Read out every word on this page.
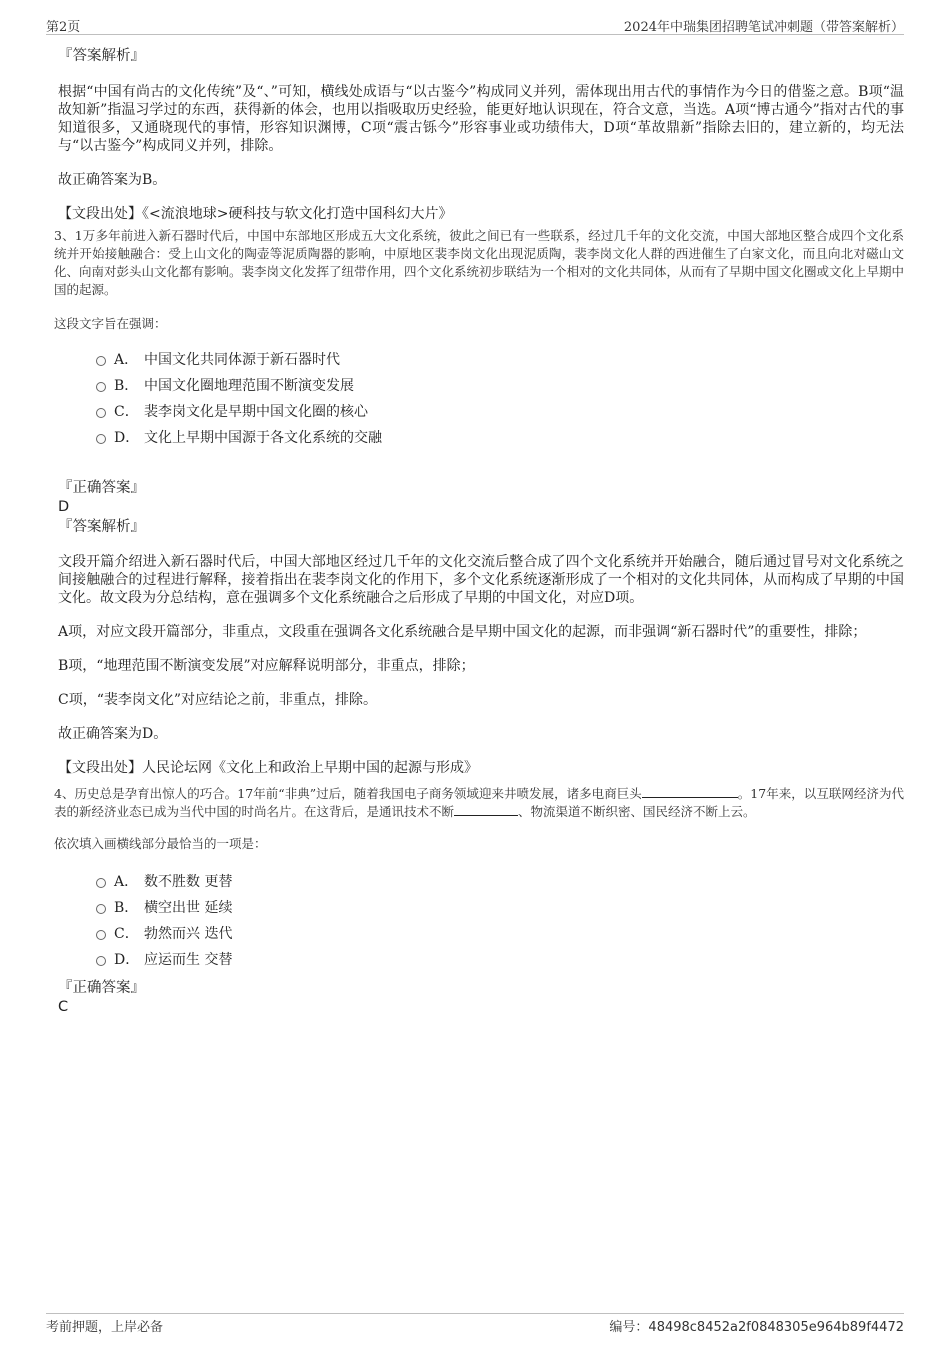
第2页	2024年中瑞集团招聘笔试冲刺题（带答案解析）
『答案解析』
根据“中国有尚古的文化传统”及“、”可知，横线处成语与“以古鉴今”构成同义并列，需体现出用古代的事情作为今日的借鉴之意。B项“温故知新”指温习学过的东西，获得新的体会，也用以指吸取历史经验，能更好地认识现在，符合文意，当选。A项“博古通今”指对古代的事知道很多，又通晓现代的事情，形容知识渊博，C项“震古铄今”形容事业或功绩伟大，D项“革故鼎新”指除去旧的，建立新的，均无法与“以古鉴今”构成同义并列，排除。
故正确答案为B。
【文段出处】《<流浪地球>硬科技与软文化打造中国科幻大片》
3、1万多年前进入新石器时代后，中国中东部地区形成五大文化系统，彼此之间已有一些联系，经过几千年的文化交流，中国大部地区整合成四个文化系统并开始接触融合：受上山文化的陶壶等泥质陶器的影响，中原地区裴李岗文化出现泥质陶，裴李岗文化人群的西进催生了白家文化，而且向北对磁山文化、向南对彭头山文化都有影响。裴李岗文化发挥了纽带作用，四个文化系统初步联结为一个相对的文化共同体，从而有了早期中国文化圈或文化上早期中国的起源。
这段文字旨在强调：
A． 中国文化共同体源于新石器时代
B． 中国文化圈地理范围不断演变发展
C． 裴李岗文化是早期中国文化圈的核心
D． 文化上早期中国源于各文化系统的交融
『正确答案』
D
『答案解析』
文段开篇介绍进入新石器时代后，中国大部地区经过几千年的文化交流后整合成了四个文化系统并开始融合，随后通过冒号对文化系统之间接触融合的过程进行解释，接着指出在裴李岗文化的作用下，多个文化系统逐渐形成了一个相对的文化共同体，从而构成了早期的中国文化。故文段为分总结构，意在强调多个文化系统融合之后形成了早期的中国文化，对应D项。
A项，对应文段开篇部分，非重点，文段重在强调各文化系统融合是早期中国文化的起源，而非强调“新石器时代”的重要性，排除；
B项，“地理范围不断演变发展”对应解释说明部分，非重点，排除；
C项，“裴李岗文化”对应结论之前，非重点，排除。
故正确答案为D。
【文段出处】人民论坛网《文化上和政治上早期中国的起源与形成》
4、历史总是孕育出惊人的巧合。17年前“非典”过后，随着我国电子商务领域迎来井喷发展，诸多电商巨头	。17年来，以互联网经济为代表的新经济业态已成为当代中国的时尚名片。在这背后，是通讯技术不断	、物流渠道不断织密、国民经济不断上云。
依次填入画横线部分最恰当的一项是：
A． 数不胜数 更替
B． 横空出世 延续
C． 勃然而兴 迭代
D． 应运而生 交替
『正确答案』
C
考前押题，上岸必备	编号：48498c8452a2f0848305e964b89f4472
